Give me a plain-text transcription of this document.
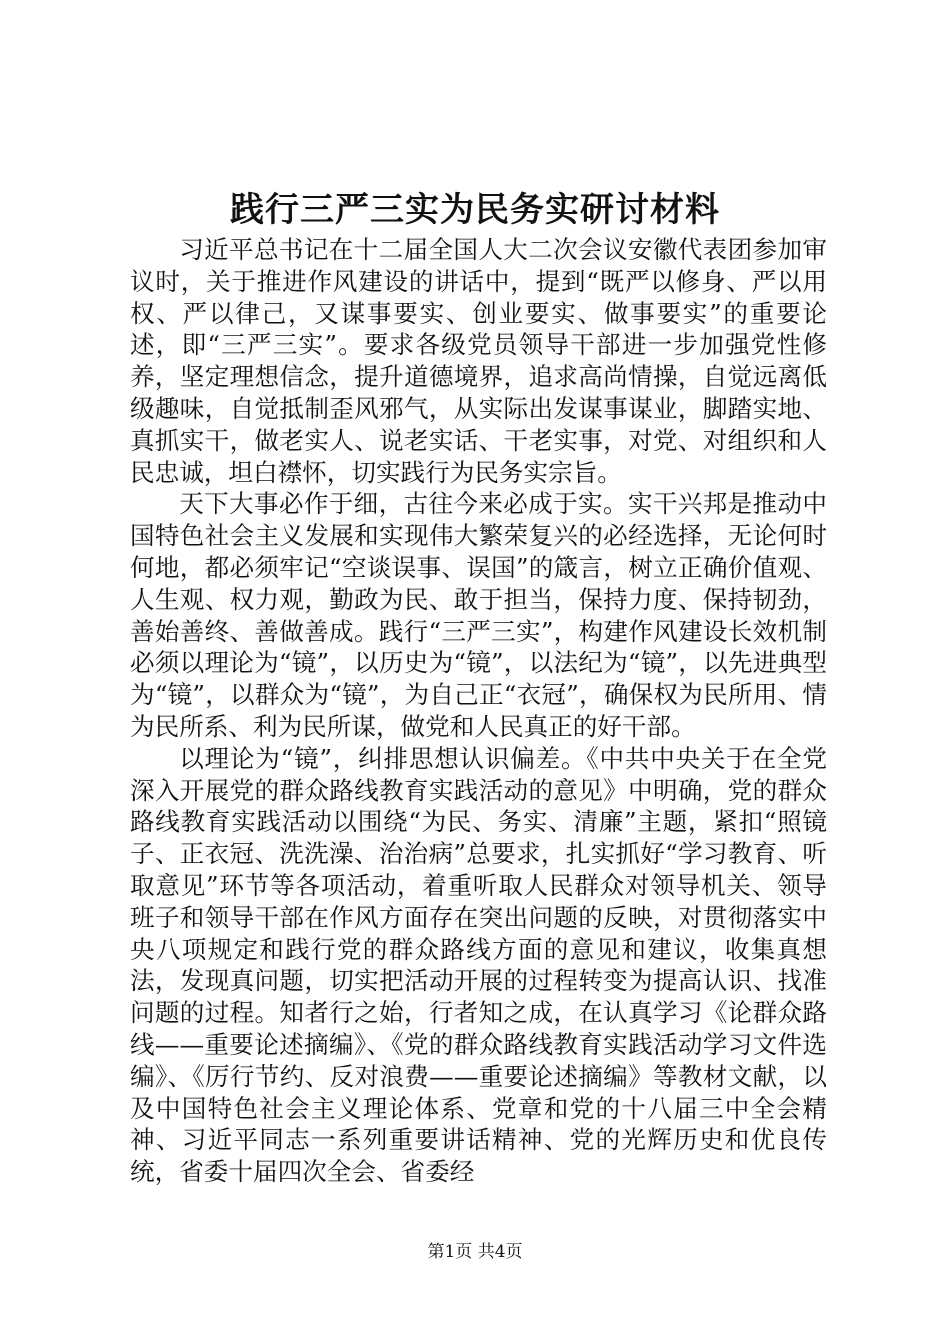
践行三严三实为民务实研讨材料

习近平总书记在十二届全国人大二次会议安徽代表团参加审议时，关于推进作风建设的讲话中，提到“既严以修身、严以用权、严以律己，又谋事要实、创业要实、做事要实”的重要论述，即“三严三实”。要求各级党员领导干部进一步加强党性修养，坚定理想信念，提升道德境界，追求高尚情操，自觉远离低级趣味，自觉抵制歪风邪气，从实际出发谋事谋业，脚踏实地、真抓实干，做老实人、说老实话、干老实事，对党、对组织和人民忠诚，坦白襟怀，切实践行为民务实宗旨。

天下大事必作于细，古往今来必成于实。实干兴邦是推动中国特色社会主义发展和实现伟大繁荣复兴的必经选择，无论何时何地，都必须牢记“空谈误事、误国”的箴言，树立正确价值观、人生观、权力观，勤政为民、敢于担当，保持力度、保持韧劲，善始善终、善做善成。践行“三严三实”，构建作风建设长效机制必须以理论为“镜”，以历史为“镜”，以法纪为“镜”，以先进典型为“镜”，以群众为“镜”，为自己正“衣冠”，确保权为民所用、情为民所系、利为民所谋，做党和人民真正的好干部。

以理论为“镜”，纠排思想认识偏差。《中共中央关于在全党深入开展党的群众路线教育实践活动的意见》中明确，党的群众路线教育实践活动以围绕“为民、务实、清廉”主题，紧扣“照镜子、正衣冠、洗洗澡、治治病”总要求，扎实抓好“学习教育、听取意见”环节等各项活动，着重听取人民群众对领导机关、领导班子和领导干部在作风方面存在突出问题的反映，对贯彻落实中央八项规定和践行党的群众路线方面的意见和建议，收集真想法，发现真问题，切实把活动开展的过程转变为提高认识、找准问题的过程。知者行之始，行者知之成，在认真学习《论群众路线——重要论述摘编》、《党的群众路线教育实践活动学习文件选编》、《厉行节约、反对浪费——重要论述摘编》等教材文献，以及中国特色社会主义理论体系、党章和党的十八届三中全会精神、习近平同志一系列重要讲话精神、党的光辉历史和优良传统，省委十届四次全会、省委经

第1页 共4页
